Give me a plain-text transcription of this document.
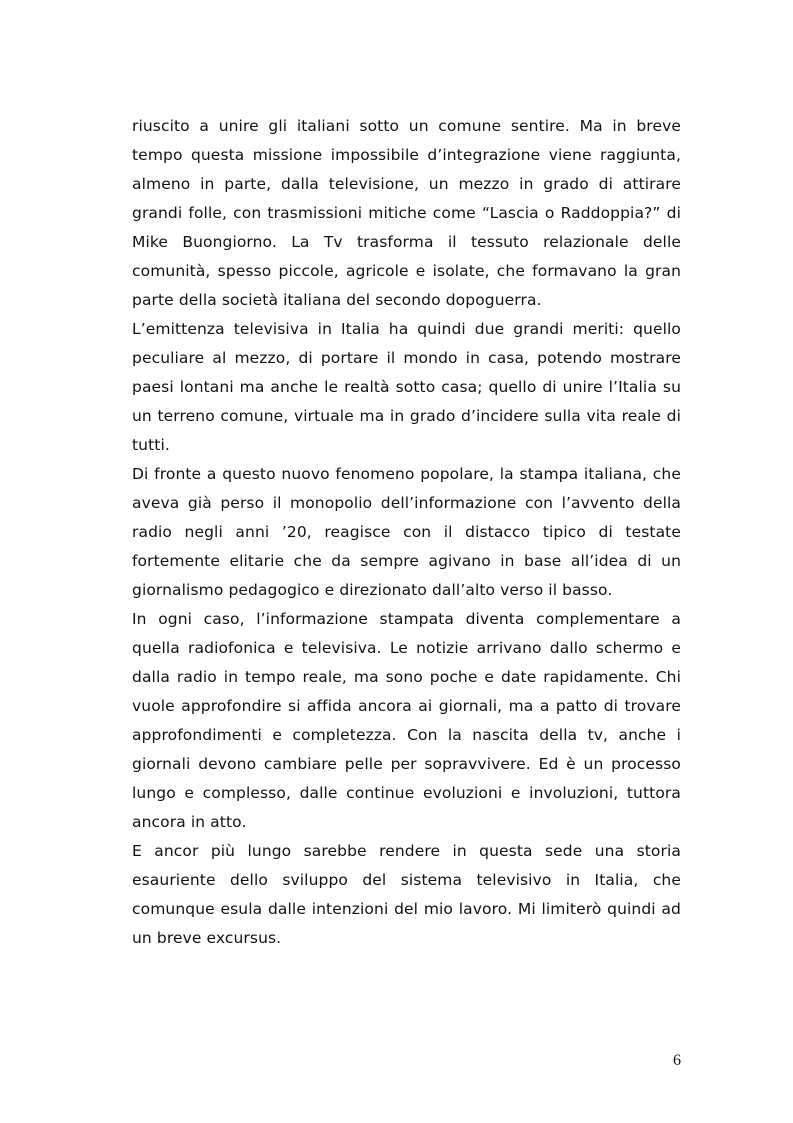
riuscito a unire gli italiani sotto un comune sentire. Ma in breve tempo questa missione impossibile d’integrazione viene raggiunta, almeno in parte, dalla televisione, un mezzo in grado di attirare grandi folle, con trasmissioni mitiche come “Lascia o Raddoppia?” di Mike Buongiorno. La Tv trasforma il tessuto relazionale delle comunità, spesso piccole, agricole e isolate, che formavano la gran parte della società italiana del secondo dopoguerra.

L’emittenza televisiva in Italia ha quindi due grandi meriti: quello peculiare al mezzo, di portare il mondo in casa, potendo mostrare paesi lontani ma anche le realtà sotto casa; quello di unire l’Italia su un terreno comune, virtuale ma in grado d’incidere sulla vita reale di tutti.

Di fronte a questo nuovo fenomeno popolare, la stampa italiana, che aveva già perso il monopolio dell’informazione con l’avvento della radio negli anni ’20, reagisce con il distacco tipico di testate fortemente elitarie che da sempre agivano in base all’idea di un giornalismo pedagogico e direzionato dall’alto verso il basso.

In ogni caso, l’informazione stampata diventa complementare a quella radiofonica e televisiva. Le notizie arrivano dallo schermo e dalla radio in tempo reale, ma sono poche e date rapidamente. Chi vuole approfondire si affida ancora ai giornali, ma a patto di trovare approfondimenti e completezza. Con la nascita della tv, anche i giornali devono cambiare pelle per sopravvivere. Ed è un processo lungo e complesso, dalle continue evoluzioni e involuzioni, tuttora ancora in atto.

E ancor più lungo sarebbe rendere in questa sede una storia esauriente dello sviluppo del sistema televisivo in Italia, che comunque esula dalle intenzioni del mio lavoro. Mi limiterò quindi ad un breve excursus.

6
